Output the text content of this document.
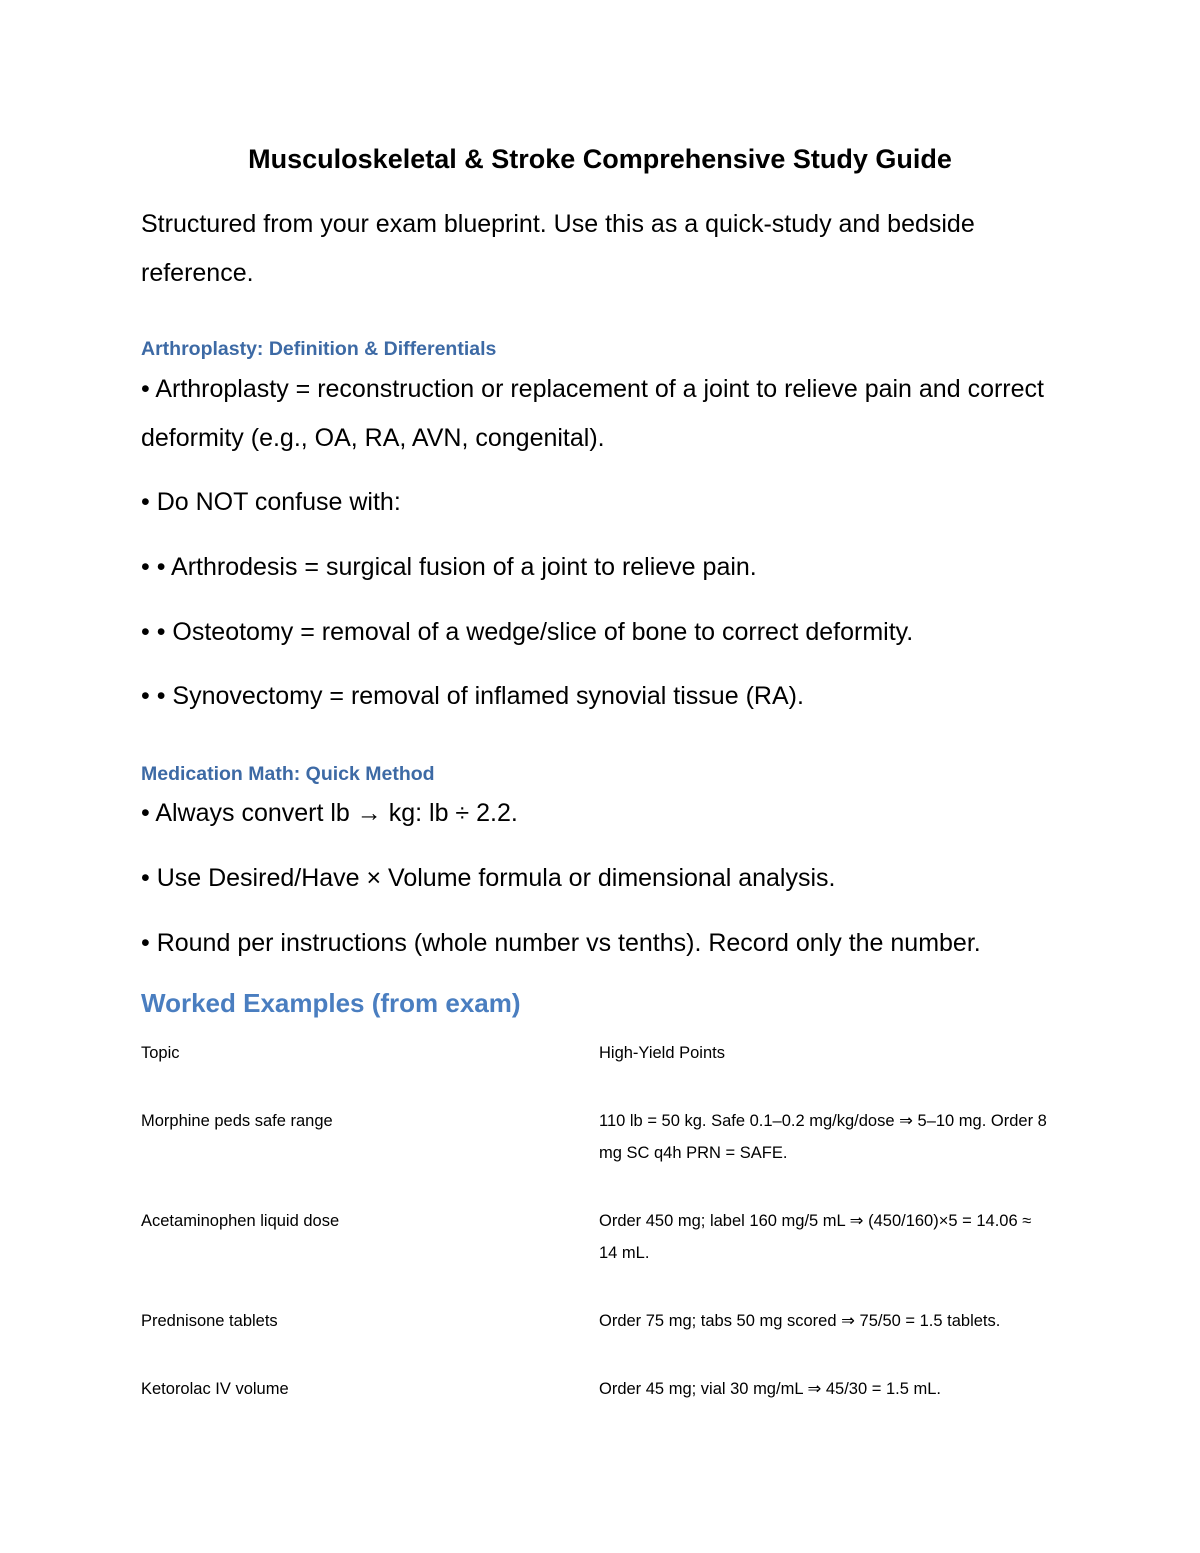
Musculoskeletal & Stroke Comprehensive Study Guide

Structured from your exam blueprint. Use this as a quick-study and bedside reference.

Arthroplasty: Definition & Differentials

• Arthroplasty = reconstruction or replacement of a joint to relieve pain and correct deformity (e.g., OA, RA, AVN, congenital).

• Do NOT confuse with:

• • Arthrodesis = surgical fusion of a joint to relieve pain.

• • Osteotomy = removal of a wedge/slice of bone to correct deformity.

• • Synovectomy = removal of inflamed synovial tissue (RA).

Medication Math: Quick Method

• Always convert lb → kg: lb ÷ 2.2.

• Use Desired/Have × Volume formula or dimensional analysis.

• Round per instructions (whole number vs tenths). Record only the number.

Worked Examples (from exam)

Topic	High-Yield Points

Morphine peds safe range	110 lb = 50 kg. Safe 0.1–0.2 mg/kg/dose ⇒ 5–10 mg. Order 8 mg SC q4h PRN = SAFE.

Acetaminophen liquid dose	Order 450 mg; label 160 mg/5 mL ⇒ (450/160)×5 = 14.06 ≈ 14 mL.

Prednisone tablets	Order 75 mg; tabs 50 mg scored ⇒ 75/50 = 1.5 tablets.

Ketorolac IV volume	Order 45 mg; vial 30 mg/mL ⇒ 45/30 = 1.5 mL.
